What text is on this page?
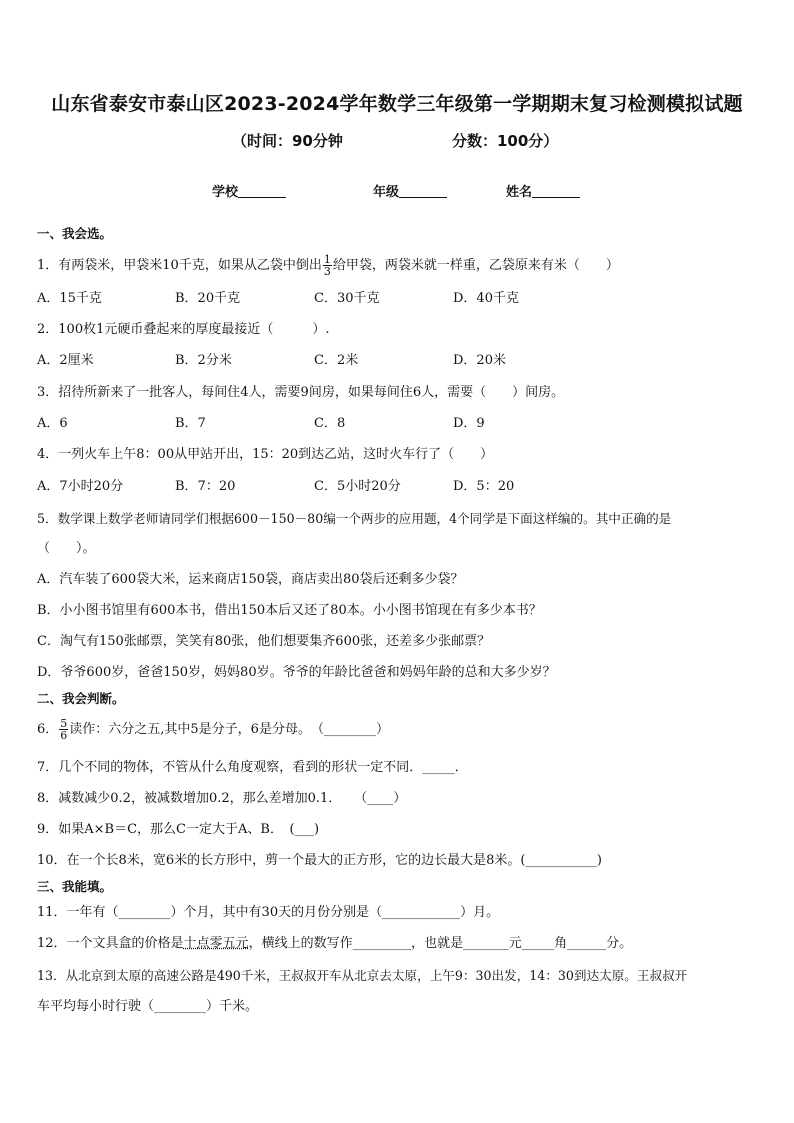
山东省泰安市泰山区2023-2024学年数学三年级第一学期期末复习检测模拟试题
（时间：90分钟	分数：100分）
学校	年级	姓名
一、我会选。
1．有两袋米，甲袋米10千克，如果从乙袋中倒出 $\frac{1}{3}$ 给甲袋，两袋米就一样重，乙袋原来有米（　　）
A．15千克	B．20千克	C．30千克	D．40千克
2．100枚1元硬币叠起来的厚度最接近（　　　）.
A．2厘米	B．2分米	C．2米	D．20米
3．招待所新来了一批客人，每间住4人，需要9间房，如果每间住6人，需要（　　）间房。
A．6	B．7	C．8	D．9
4．一列火车上午8：00从甲站开出，15：20到达乙站，这时火车行了（　　）
A．7小时20分	B．7：20	C．5小时20分	D．5：20
5．数学课上数学老师请同学们根据600－150－80编一个两步的应用题，4个同学是下面这样编的。其中正确的是
（　　）。
A．汽车装了600袋大米，运来商店150袋，商店卖出80袋后还剩多少袋？
B．小小图书馆里有600本书，借出150本后又还了80本。小小图书馆现在有多少本书？
C．淘气有150张邮票，笑笑有80张，他们想要集齐600张，还差多少张邮票？
D．爷爷600岁，爸爸150岁，妈妈80岁。爷爷的年龄比爸爸和妈妈年龄的总和大多少岁？
二、我会判断。
6． $\frac{5}{6}$ 读作：六分之五,其中5是分子，6是分母。　（________）
7．几个不同的物体，不管从什么角度观察，看到的形状一定不同．_____．
8．减数减少0.2，被减数增加0.2，那么差增加0.1．　　（____）
9．如果A×B＝C，那么C一定大于A、B．　(___)
10．在一个长8米，宽6米的长方形中，剪一个最大的正方形，它的边长最大是8米。(___________)
三、我能填。
11．一年有（________）个月，其中有30天的月份分别是（____________）月。
12．一个文具盒的价格是十点零五元，横线上的数写作_________，也就是_______元_____角______分。
13．从北京到太原的高速公路是490千米，王叔叔开车从北京去太原，上午9：30出发，14：30到达太原。王叔叔开
车平均每小时行驶（________）千米。
